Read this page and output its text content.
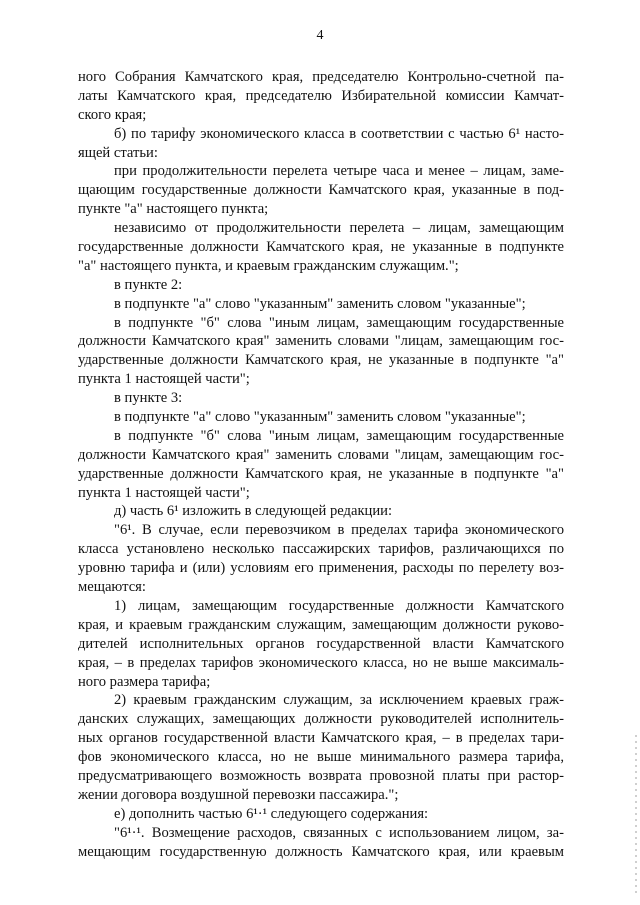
4
ного Собрания Камчатского края, председателю Контрольно-счетной па-
латы Камчатского края, председателю Избирательной комиссии Камчат-
ского края;
б) по тарифу экономического класса в соответствии с частью 6¹ насто-
ящей статьи:
при продолжительности перелета четыре часа и менее – лицам, заме-
щающим государственные должности Камчатского края, указанные в под-
пункте "а" настоящего пункта;
независимо от продолжительности перелета – лицам, замещающим
государственные должности Камчатского края, не указанные в подпункте
"а" настоящего пункта, и краевым гражданским служащим.";
в пункте 2:
в подпункте "а" слово "указанным" заменить словом "указанные";
в подпункте "б" слова "иным лицам, замещающим государственные
должности Камчатского края" заменить словами "лицам, замещающим гос-
ударственные должности Камчатского края, не указанные в подпункте "а"
пункта 1 настоящей части";
в пункте 3:
в подпункте "а" слово "указанным" заменить словом "указанные";
в подпункте "б" слова "иным лицам, замещающим государственные
должности Камчатского края" заменить словами "лицам, замещающим гос-
ударственные должности Камчатского края, не указанные в подпункте "а"
пункта 1 настоящей части";
д) часть 6¹ изложить в следующей редакции:
"6¹. В случае, если перевозчиком в пределах тарифа экономического
класса установлено несколько пассажирских тарифов, различающихся по
уровню тарифа и (или) условиям его применения, расходы по перелету воз-
мещаются:
1) лицам, замещающим государственные должности Камчатского
края, и краевым гражданским служащим, замещающим должности руково-
дителей исполнительных органов государственной власти Камчатского
края, – в пределах тарифов экономического класса, но не выше максималь-
ного размера тарифа;
2) краевым гражданским служащим, за исключением краевых граж-
данских служащих, замещающих должности руководителей исполнитель-
ных органов государственной власти Камчатского края, – в пределах тари-
фов экономического класса, но не выше минимального размера тарифа,
предусматривающего возможность возврата провозной платы при растор-
жении договора воздушной перевозки пассажира.";
е) дополнить частью 6¹·¹ следующего содержания:
"6¹·¹. Возмещение расходов, связанных с использованием лицом, за-
мещающим государственную должность Камчатского края, или краевым
